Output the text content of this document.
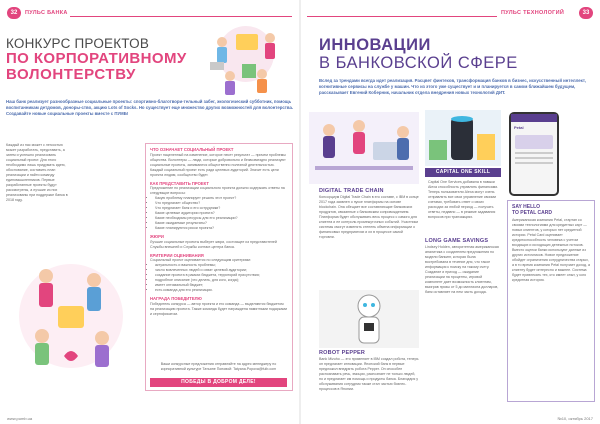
32	ПУЛЬС БАНКА
КОНКУРС ПРОЕКТОВ
ПО КОРПОРАТИВНОМУ
ВОЛОНТЕРСТВУ
Наш банк реализует разнообразные социальные проекты: спортивно-благотвори-тельный забег, экологический субботник, помощь воспитанникам детдомов, доноры-ство, акцию Lots of Socks. Но существует еще множество других возможностей для волонтерства. Создавайте новые социальные проекты вместе с ПУМБ!
Каждый из нас может с легкостью может разработать, представить, а затем и успешно реализовать социальный проект. Для этого необходимо лишь придумать идею, обоснование, составить план реализации и найти команду единомышленников. Первые разработанные проекты будут рассмотрены, а лучшие из них реализованы при поддержке банка в 2018 году.
ЧТО ОЗНАЧАЕТ СОЦИАЛЬНЫЙ ПРОЕКТ
Проект нацеленный на изменение, которое несет результат — причем проблемы общества. Волонтеры — люди, которые добровольно и безвозмездно реализуют социальные проекты, занимаются общественно полезной деятельностью. Каждый социальный проект есть ради целевых аудиторий. Значит есть цели проекта людям, сообщество будет.
КАК ПРЕДСТАВИТЬ ПРОЕКТ
Предложение по реализации социального проекта должно содержать ответы на следующие вопросы:
• Какую проблему планирует решить этот проект?
• Что предлагает общество?
• Что предлагает банк и его сотрудники?
• Какие целевые аудитории проекта?
• Какие необходимы ресурсы для его реализации?
• Какие ожидаемые результаты?
• Какие планируются риски проекта?
ЖЮРИ
Лучшие социальные проекты выберет жюри, состоящее из представителей Службы внешней и Службы контакт-центра банка.
КРИТЕРИИ ОЦЕНИВАНИЯ
Социальный проект оценивается по следующим критериям:
• актуальность и важность проблемы;
• число вовлеченных людей и охват целевой аудитории;
• создание проекта в рамках бюджета, территорий присутствия;
• подробное описание (что делать, для кого, когда);
• имеет оптимальный бюджет;
• есть команда для его реализации.
НАГРАДА ПОБЕДИТЕЛЮ
Победитель конкурса — автор проекта и его команда — выделяются бюджетом на реализацию проекта. Также команда будет награждена памятными подарками и сертификатом.
Ваши конкурсные предложения отправляйте на адрес менеджеру по корпоративной культуре Татьяне Поповой: Tatyana.Popova@fuib.com
ПОБЕДЫ В ДОБРОМ ДЕЛЕ!
www.pumb.ua
ПУЛЬС ТЕХНОЛОГИЙ	33
ИННОВАЦИИ
В БАНКОВСКОЙ СФЕРЕ
Вслед за трендами всегда идет реализация. Расцвет финтехов, трансформация банков в бизнес, искусственный интеллект, когнитивные сервисы на службе у машин. Что из этого уже существует и м планируется в самом ближайшем будущем, рассказывает Евгений Коберник, начальник отдела внедрения новых технологий ДИТ.
CAPITAL ONE SKILL
Capital One Services добавила в навыки Alexa способность управлять финансами. Теперь пользователи Alexa могут очень отправлять все свои управление своими счетами, требовать ответ о своих расходах за любой период — получать ответы, недавно — в режиме задавания вопросов при транзакциях.
Petal
DIGITAL TRADE CHAIN
Консорциум Digital Trade Chain в его составе, с IBM в конце 2017 года заявлен о пуске платформы на основе blockchain. Она обещает все составляющие банковских продуктов, связанные с банковским сопровождением. Платформа будет обслуживать весь процесс с самого для клиента и ее контроль промежуточных событий. Участники системы смогут изменять степень обмена информации о финансовых предприятиях и их в процессе самой торговли.
LONG GAME SAVINGS
Lindsey Holden, авторитетная американская аналитика с создателем предложения по модели банкинг, которая была востребована в течение дня, что такое информация к поиску на такому счету. Создание и приход — ожидание реализации на проценты, игровой компонент дает возможность клиентам, выиграв призы от 5 до миллиона долларов, банк оставляет на нем часть дохода.
ROBOT PEPPER
Bank Mizuho — это применяет в IBM создал робота, теперь он предлагает инновации. Японский банк в первые предложил внедрять робота Pepper. Он способен распознавать речь, эмоции, распознает не только людей, но и предлагает им помощь и продукты банка. Благодаря у обслуживания сотрудник также стал частью бизнес-процессов в Японии.
SAY HELLO
TO PETAL CARD
Американская компания Petal, стартап со своими технологиями для кредитных карт — новых клиентов, у которых нет кредитной истории. Petal Card оценивает кредитоспособность человека с учетом входящих и исходящих денежных потоков. Вместо оценки банки используют данные из других источников. Новое предложение обойдет ограничения сотрудничества старых, а в то время компания Petal получает доход, а клиенту будет интересно и важнее. Система будет привлекать тех, кто имеет опыт, у кого кредитная история.
№10, октябрь 2017
